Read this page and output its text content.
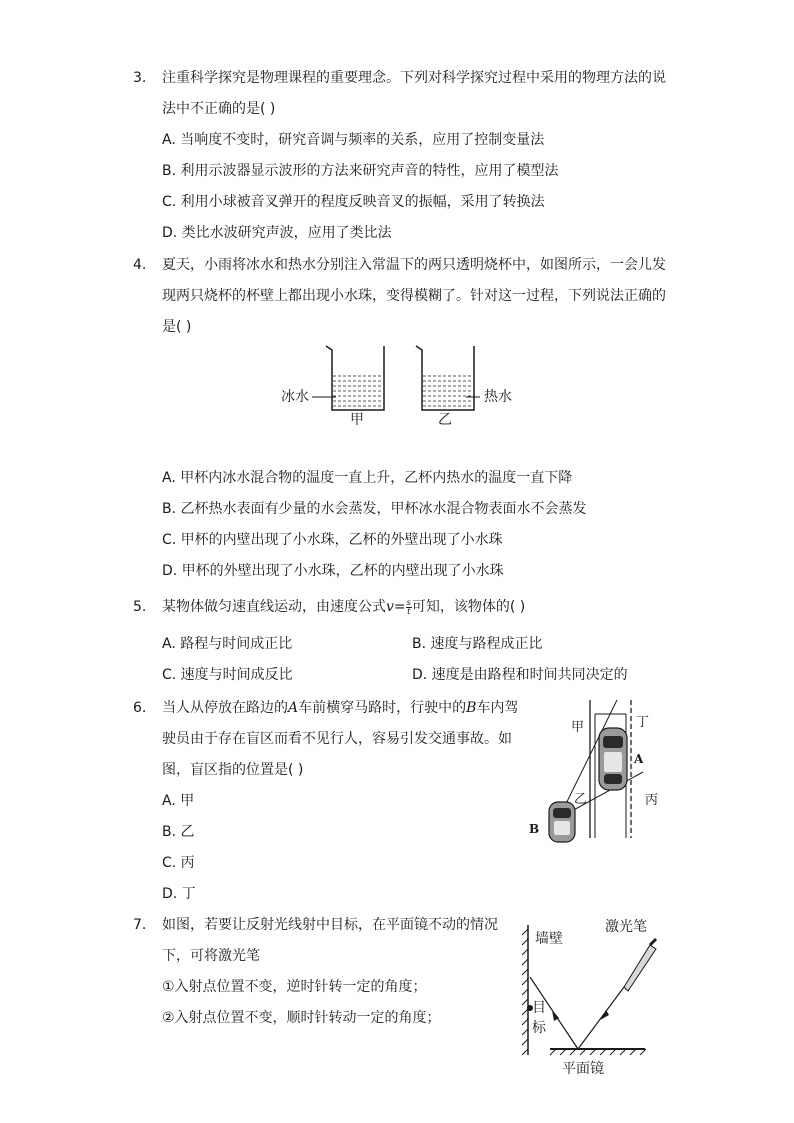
3. 注重科学探究是物理课程的重要理念。下列对科学探究过程中采用的物理方法的说
法中不正确的是( )
A. 当响度不变时，研究音调与频率的关系，应用了控制变量法
B. 利用示波器显示波形的方法来研究声音的特性，应用了模型法
C. 利用小球被音叉弹开的程度反映音叉的振幅，采用了转换法
D. 类比水波研究声波，应用了类比法
4. 夏天，小雨将冰水和热水分别注入常温下的两只透明烧杯中，如图所示，一会儿发
现两只烧杯的杯壁上都出现小水珠，变得模糊了。针对这一过程，下列说法正确的
是( )
冰水	热水
甲	乙
A. 甲杯内冰水混合物的温度一直上升，乙杯内热水的温度一直下降
B. 乙杯热水表面有少量的水会蒸发，甲杯冰水混合物表面水不会蒸发
C. 甲杯的内壁出现了小水珠，乙杯的外壁出现了小水珠
D. 甲杯的外壁出现了小水珠，乙杯的内壁出现了小水珠
5. 某物体做匀速直线运动，由速度公式$v= \frac{s}{t}$ 可知，该物体的( )
A. 路程与时间成正比	B. 速度与路程成正比
C. 速度与时间成反比	D. 速度是由路程和时间共同决定的
6. 当人从停放在路边的A车前横穿马路时，行驶中的B车内驾
驶员由于存在盲区而看不见行人，容易引发交通事故。如
图，盲区指的位置是( )
A. 甲
B. 乙
C. 丙
D. 丁
甲	丁
A
乙	丙
B
7. 如图，若要让反射光线射中目标，在平面镜不动的情况
下，可将激光笔
①入射点位置不变，逆时针转一定的角度；
②入射点位置不变，顺时针转动一定的角度；
墙壁
激光笔
目
标
平面镜
